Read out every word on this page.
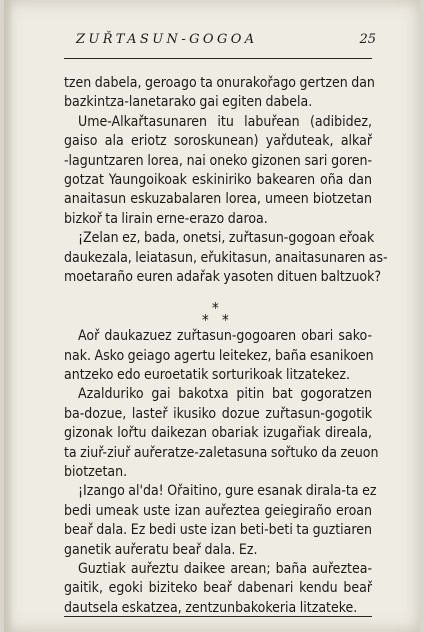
ZUŘTASUN-GOGOA	25
tzen dabela, geroago ta onurakořago gertzen dan
bazkintza-lanetarako gai egiten dabela.
Ume-Alkařtasunaren itu labuřean (adibidez,
gaiso ala eriotz soroskunean) yařduteak, alkař
-laguntzaren lorea, nai oneko gizonen sari goren-
gotzat Yaungoikoak eskiniriko bakearen oña dan
anaitasun eskuzabalaren lorea, umeen biotzetan
bizkoř ta lirain erne-erazo daroa.
¡Zelan ez, bada, onetsi, zuřtasun-gogoan eřoak
daukezala, leiatasun, eřukitasun, anaitasunaren as-
moetaraño euren adařak yasoten dituen baltzuok?
*
* *
Aoř daukazuez zuřtasun-gogoaren obari sako-
nak. Asko geiago agertu leitekez, baña esanikoen
antzeko edo euroetatik sorturikoak litzatekez.
Azalduriko gai bakotxa pitin bat gogoratzen
ba-dozue, lasteř ikusiko dozue zuřtasun-gogotik
gizonak lořtu daikezan obariak izugařiak direala,
ta ziuř-ziuř auřeratze-zaletasuna sořtuko da zeuon
biotzetan.
¡Izango al'da! Ořaitino, gure esanak dirala-ta ez
bedi umeak uste izan auřeztea geiegiraño eroan
beař dala. Ez bedi uste izan beti-beti ta guztiaren
ganetik auřeratu beař dala. Ez.
Guztiak auřeztu daikee arean; baña auřeztea-
gaitik, egoki biziteko beař dabenari kendu beař
dautsela eskatzea, zentzunbakokeria litzateke.
